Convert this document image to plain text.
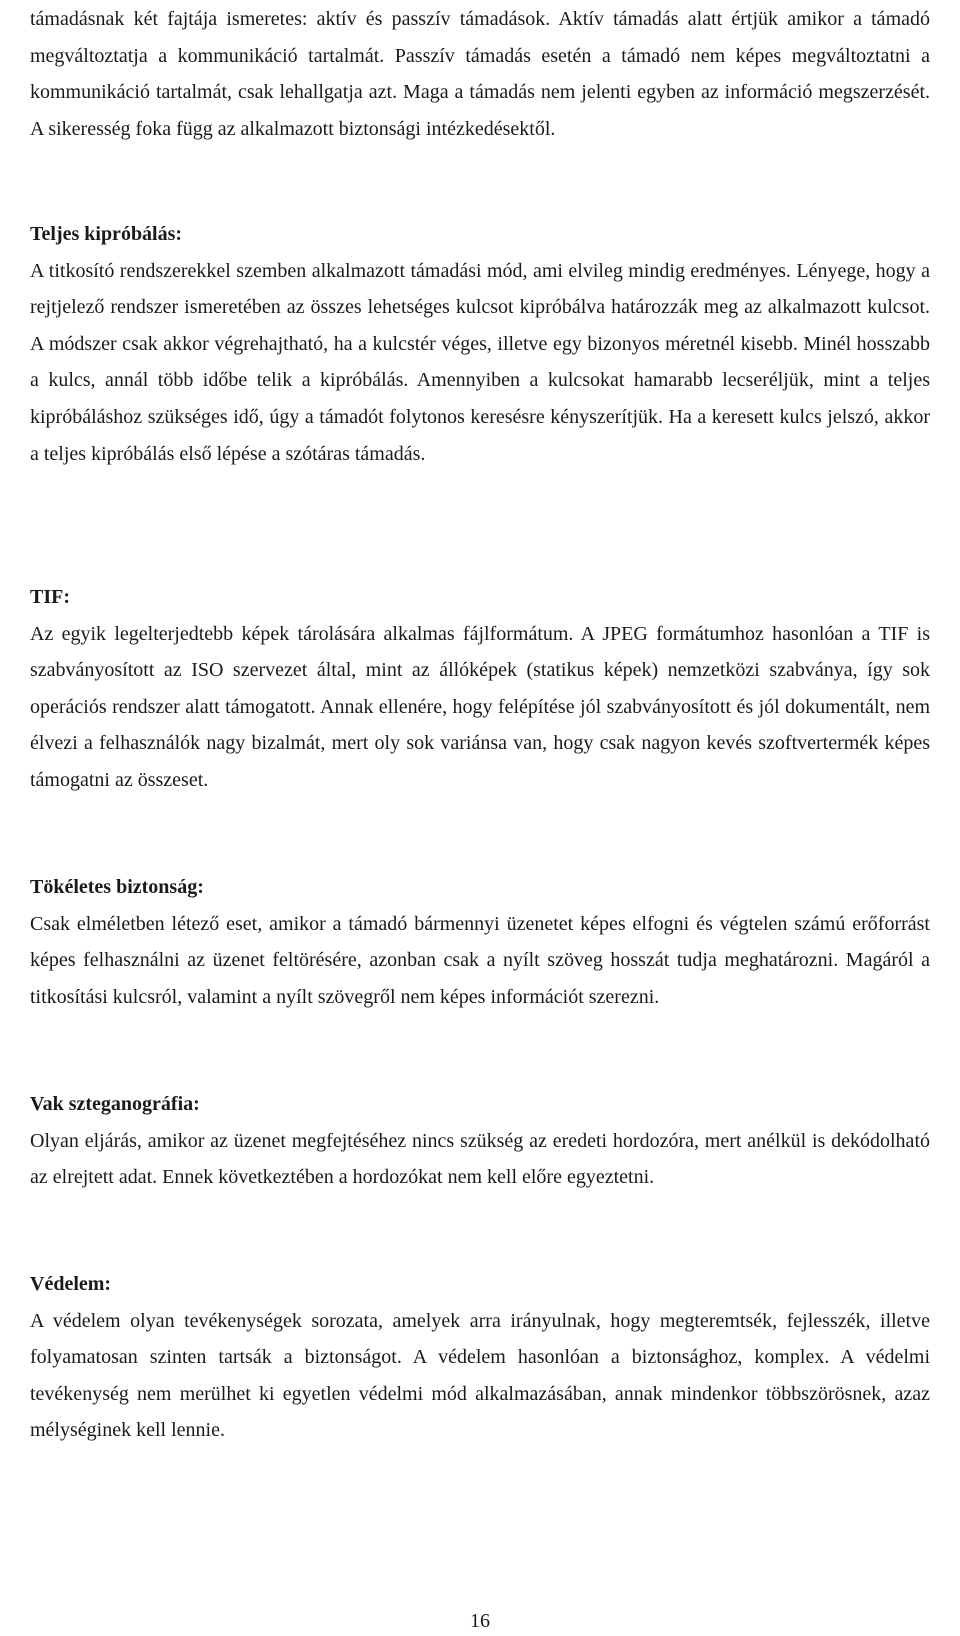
támadásnak két fajtája ismeretes: aktív és passzív támadások. Aktív támadás alatt értjük amikor a támadó megváltoztatja a kommunikáció tartalmát. Passzív támadás esetén a támadó nem képes megváltoztatni a kommunikáció tartalmát, csak lehallgatja azt. Maga a támadás nem jelenti egyben az információ megszerzését. A sikeresség foka függ az alkalmazott biztonsági intézkedésektől.

Teljes kipróbálás:

A titkosító rendszerekkel szemben alkalmazott támadási mód, ami elvileg mindig eredményes. Lényege, hogy a rejtjelező rendszer ismeretében az összes lehetséges kulcsot kipróbálva határozzák meg az alkalmazott kulcsot. A módszer csak akkor végrehajtható, ha a kulcstér véges, illetve egy bizonyos méretnél kisebb. Minél hosszabb a kulcs, annál több időbe telik a kipróbálás. Amennyiben a kulcsokat hamarabb lecseréljük, mint a teljes kipróbáláshoz szükséges idő, úgy a támadót folytonos keresésre kényszerítjük. Ha a keresett kulcs jelszó, akkor a teljes kipróbálás első lépése a szótáras támadás.

TIF:

Az egyik legelterjedtebb képek tárolására alkalmas fájlformátum. A JPEG formátumhoz hasonlóan a TIF is szabványosított az ISO szervezet által, mint az állóképek (statikus képek) nemzetközi szabványa, így sok operációs rendszer alatt támogatott. Annak ellenére, hogy felépítése jól szabványosított és jól dokumentált, nem élvezi a felhasználók nagy bizalmát, mert oly sok variánsa van, hogy csak nagyon kevés szoftvertermék képes támogatni az összeset.

Tökéletes biztonság:

Csak elméletben létező eset, amikor a támadó bármennyi üzenetet képes elfogni és végtelen számú erőforrást képes felhasználni az üzenet feltörésére, azonban csak a nyílt szöveg hosszát tudja meghatározni. Magáról a titkosítási kulcsról, valamint a nyílt szövegről nem képes információt szerezni.

Vak szteganográfia:

Olyan eljárás, amikor az üzenet megfejtéséhez nincs szükség az eredeti hordozóra, mert anélkül is dekódolható az elrejtett adat. Ennek következtében a hordozókat nem kell előre egyeztetni.

Védelem:

A védelem olyan tevékenységek sorozata, amelyek arra irányulnak, hogy megteremtsék, fejlesszék, illetve folyamatosan szinten tartsák a biztonságot. A védelem hasonlóan a biztonsághoz, komplex. A védelmi tevékenység nem merülhet ki egyetlen védelmi mód alkalmazásában, annak mindenkor többszörösnek, azaz mélységinek kell lennie.

16
